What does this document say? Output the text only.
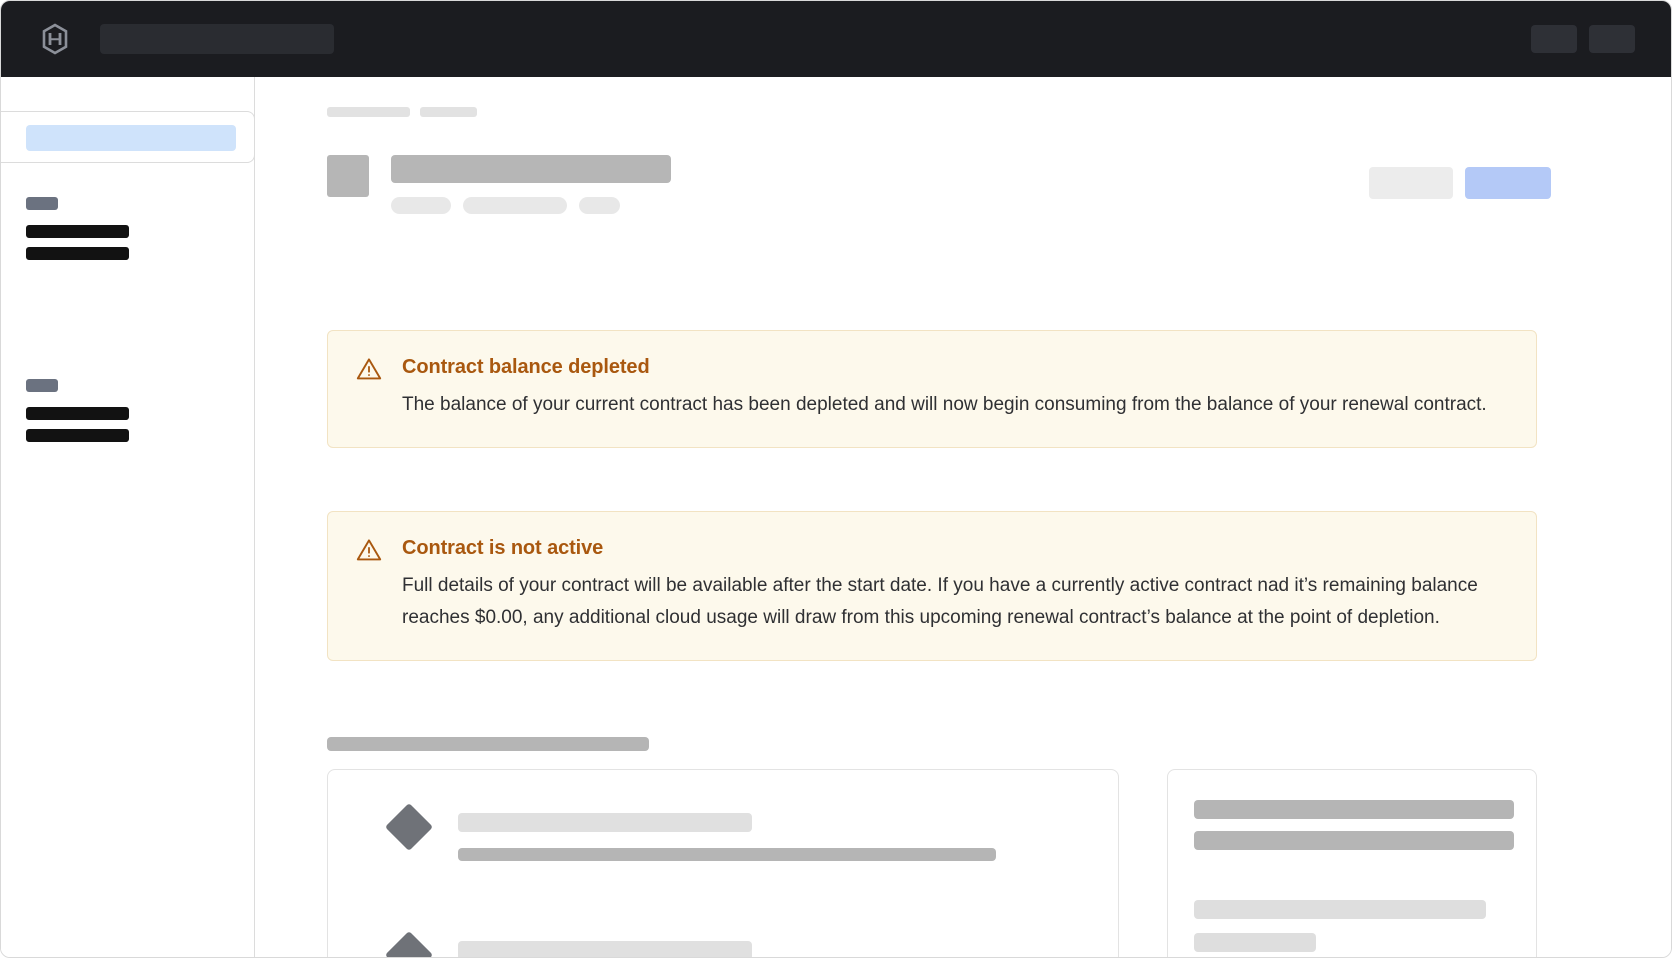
Contract balance depleted
The balance of your current contract has been depleted and will now begin consuming from the balance of your renewal contract.
Contract is not active
Full details of your contract will be available after the start date. If you have a currently active contract nad it’s remaining balance reaches $0.00, any additional cloud usage will draw from this upcoming renewal contract’s balance at the point of depletion.
